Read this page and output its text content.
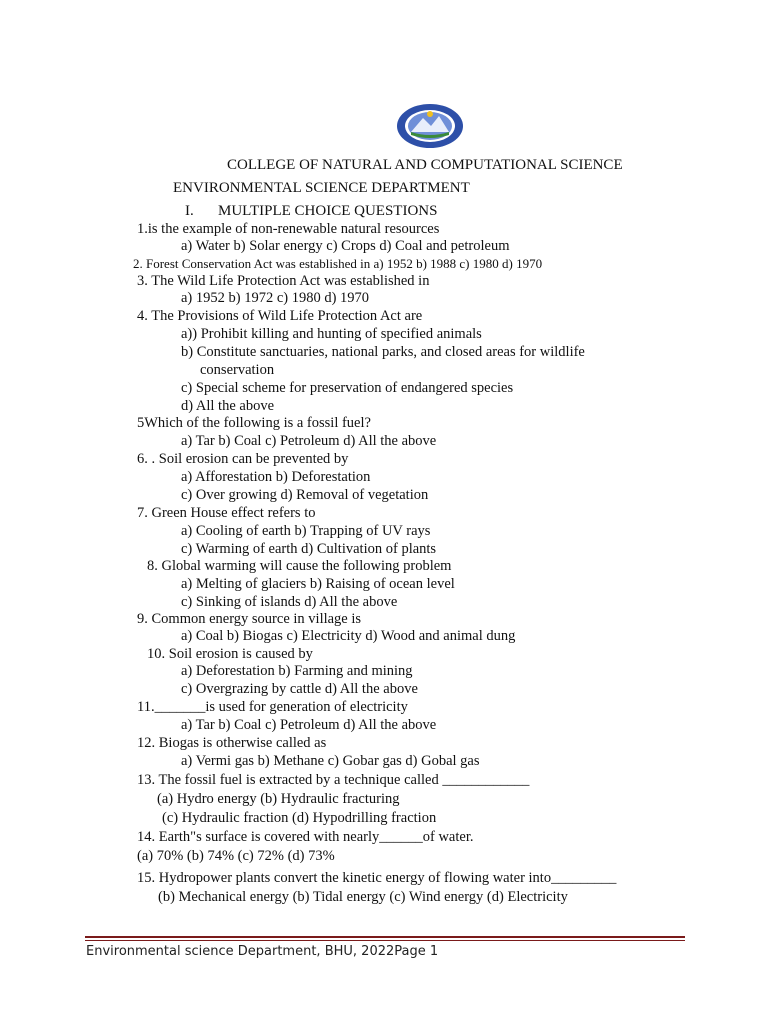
COLLEGE OF NATURAL AND COMPUTATIONAL SCIENCE
ENVIRONMENTAL SCIENCE DEPARTMENT
I. MULTIPLE CHOICE QUESTIONS
1.is the example of non-renewable natural resources
a) Water b) Solar energy c) Crops d) Coal and petroleum
2. Forest Conservation Act was established in a) 1952 b) 1988 c) 1980 d) 1970
3. The Wild Life Protection Act was established in
a) 1952 b) 1972 c) 1980 d) 1970
4. The Provisions of Wild Life Protection Act are
a)) Prohibit killing and hunting of specified animals
b) Constitute sanctuaries, national parks, and closed areas for wildlife
conservation
c) Special scheme for preservation of endangered species
d) All the above
5Which of the following is a fossil fuel?
a) Tar b) Coal c) Petroleum d) All the above
6. . Soil erosion can be prevented by
a) Afforestation b) Deforestation
c) Over growing d) Removal of vegetation
7. Green House effect refers to
a) Cooling of earth b) Trapping of UV rays
c) Warming of earth d) Cultivation of plants
8. Global warming will cause the following problem
a) Melting of glaciers b) Raising of ocean level
c) Sinking of islands d) All the above
9. Common energy source in village is
a) Coal b) Biogas c) Electricity d) Wood and animal dung
10. Soil erosion is caused by
a) Deforestation b) Farming and mining
c) Overgrazing by cattle d) All the above
11._______is used for generation of electricity
a) Tar b) Coal c) Petroleum d) All the above
12. Biogas is otherwise called as
a) Vermi gas b) Methane c) Gobar gas d) Gobal gas
13. The fossil fuel is extracted by a technique called ____________
(a) Hydro energy (b) Hydraulic fracturing
(c) Hydraulic fraction (d) Hypodrilling fraction
14. Earth"s surface is covered with nearly______of water.
(a) 70% (b) 74% (c) 72% (d) 73%
15. Hydropower plants convert the kinetic energy of flowing water into_________
(b) Mechanical energy (b) Tidal energy (c) Wind energy (d) Electricity
Environmental science Department, BHU, 2022Page 1
